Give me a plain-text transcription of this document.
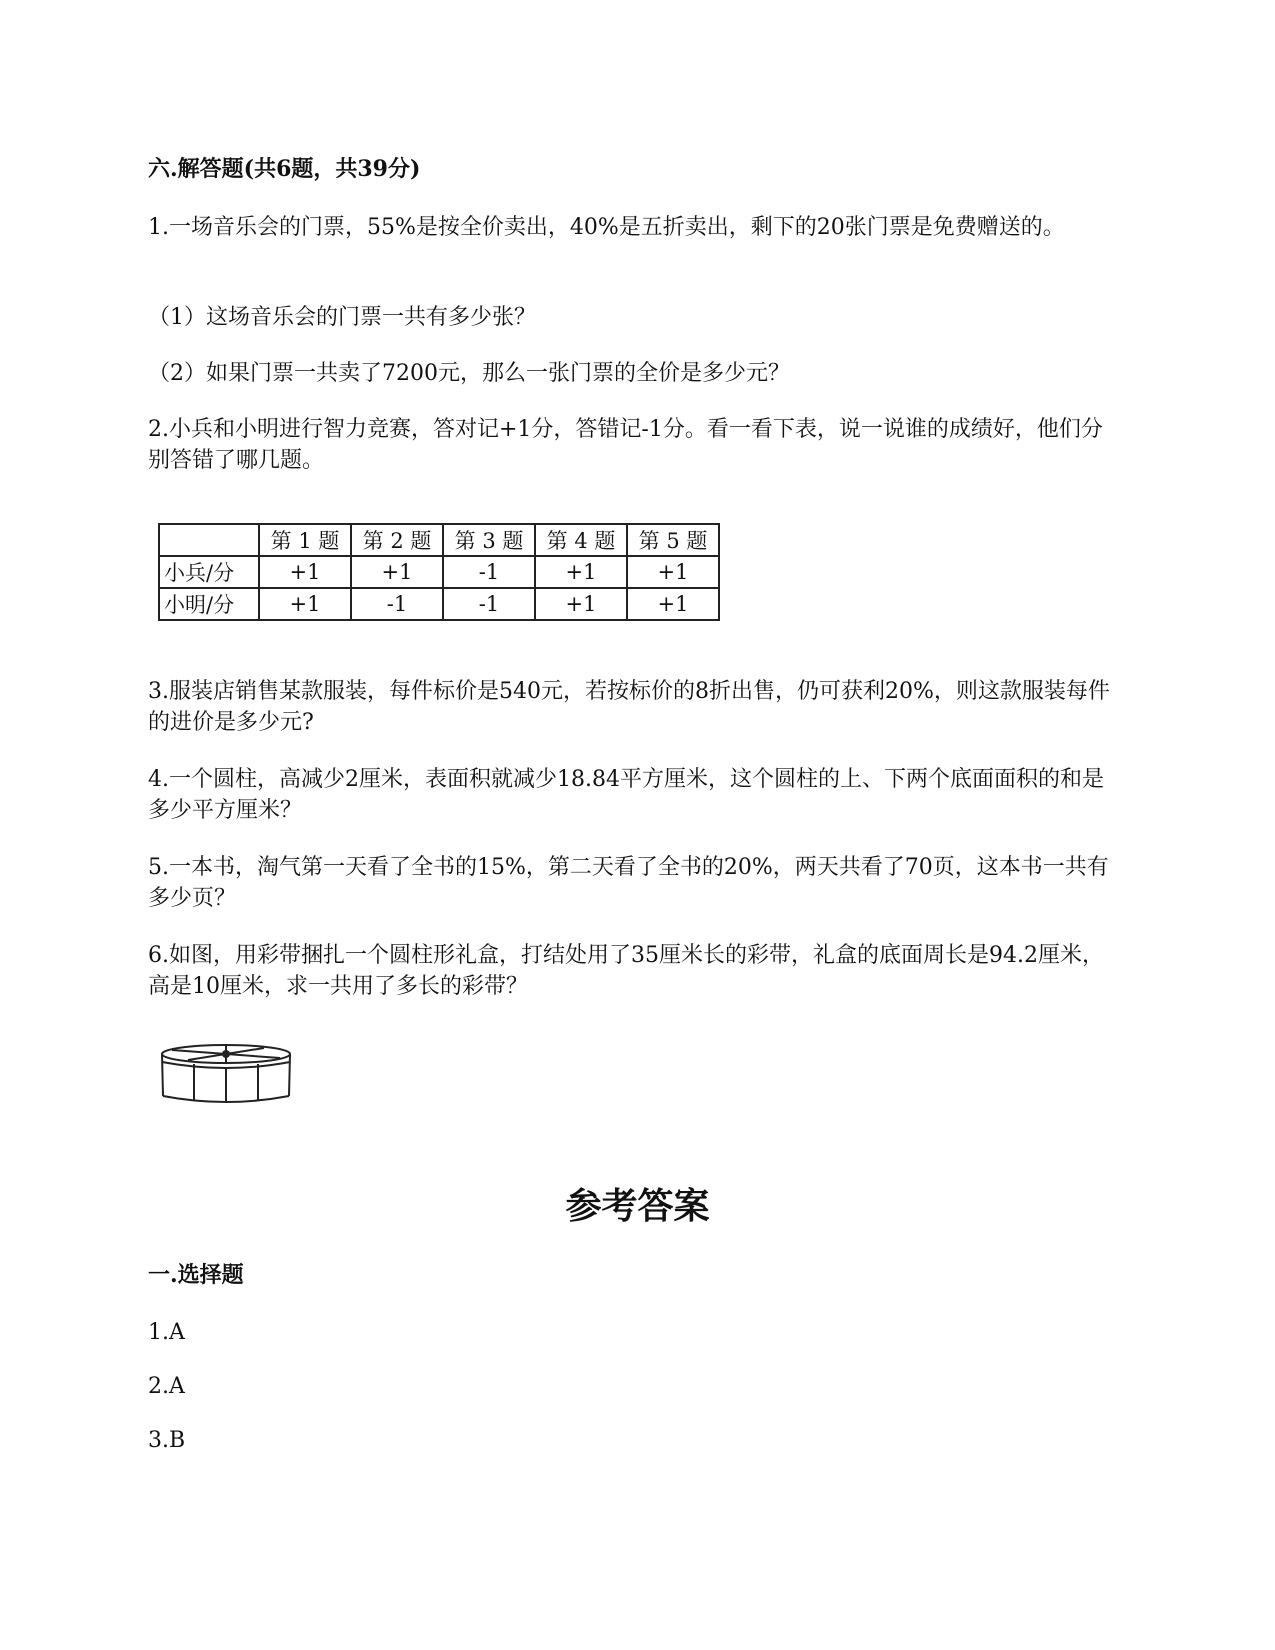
六.解答题(共6题，共39分)
1.一场音乐会的门票，55%是按全价卖出，40%是五折卖出，剩下的20张门票是免费赠送的。
（1）这场音乐会的门票一共有多少张？
（2）如果门票一共卖了7200元，那么一张门票的全价是多少元？
2.小兵和小明进行智力竞赛，答对记+1分，答错记-1分。看一看下表，说一说谁的成绩好，他们分别答错了哪几题。
	第 1 题	第 2 题	第 3 题	第 4 题	第 5 题
小兵/分	+1	+1	-1	+1	+1
小明/分	+1	-1	-1	+1	+1
3.服装店销售某款服装，每件标价是540元，若按标价的8折出售，仍可获利20%，则这款服装每件的进价是多少元?
4.一个圆柱，高减少2厘米，表面积就减少18.84平方厘米，这个圆柱的上、下两个底面面积的和是多少平方厘米？
5.一本书，淘气第一天看了全书的15%，第二天看了全书的20%，两天共看了70页，这本书一共有多少页？
6.如图，用彩带捆扎一个圆柱形礼盒，打结处用了35厘米长的彩带，礼盒的底面周长是94.2厘米，高是10厘米，求一共用了多长的彩带？
参考答案
一.选择题
1.A
2.A
3.B
